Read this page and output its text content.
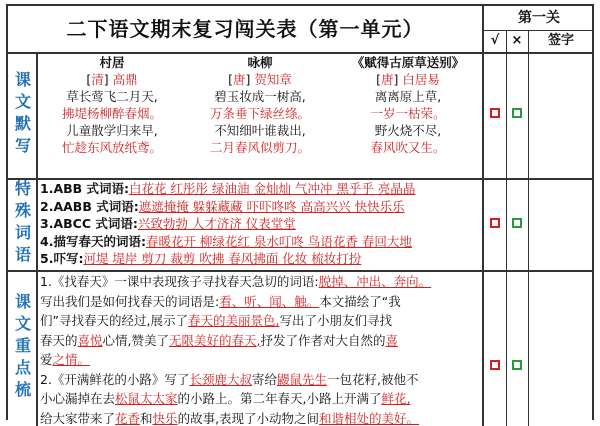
二下语文期末复习闯关表（第一单元）	第一关
√ ×	签字
课文默写
村居
[清] 高鼎
草长莺飞二月天,
拂堤杨柳醉春烟。
儿童散学归来早,
忙趁东风放纸鸢。
咏柳
[唐] 贺知章
碧玉妆成一树高,
万条垂下绿丝绦。
不知细叶谁裁出,
二月春风似剪刀。
《赋得古原草送别》
[唐] 白居易
离离原上草,
一岁一枯荣。
野火烧不尽,
春风吹又生。
特殊词语 1.ABB 式词语:白花花 红彤彤 绿油油 金灿灿 气冲冲 黑乎乎 亮晶晶
2.AABB 式词语:遮遮掩掩 躲躲藏藏 吓吓咚咚 高高兴兴 快快乐乐
3.ABCC 式词语:兴致勃勃 人才济济 仪表堂堂
4.描写春天的词语:春暖花开 柳绿花红 泉水叮咚 鸟语花香 春回大地
5.吓写:河堤 堤岸 剪刀 裁剪 吹拂 春风拂面 化妆 梳妆打扮
课文重点梳
1.《找春天》一课中表现孩子寻找春天急切的词语:脱掉、冲出、奔向。
写出我们是如何找春天的词语是:看、听、闻、触。本文描绘了“我
们”寻找春天的经过,展示了春天的美丽景色,写出了小朋友们寻找
春天的喜悦心情,赞美了无限美好的春天,抒发了作者对大自然的喜
爱之情。
2.《开满鲜花的小路》写了长颈鹿大叔寄给鼹鼠先生一包花籽,被他不
小心漏掉在去松鼠太太家的小路上。第二年春天,小路上开满了鲜花,
给大家带来了花香和快乐的故事,表现了小动物之间和谐相处的美好。
